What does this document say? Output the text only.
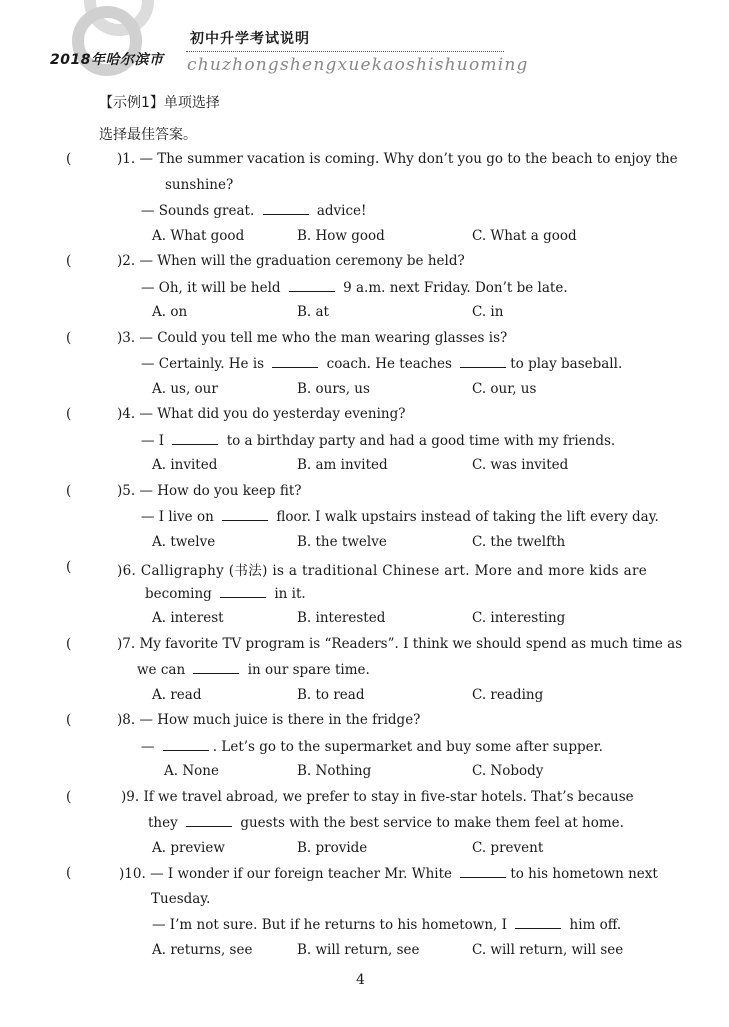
2018年哈尔滨市
初中升学考试说明
chuzhongshengxuekaoshishuoming
【示例1】单项选择
选择最佳答案。
(	)1. — The summer vacation is coming. Why don’t you go to the beach to enjoy the
sunshine?
— Sounds great.	advice!
A. What good	B. How good	C. What a good
(	)2. — When will the graduation ceremony be held?
— Oh, it will be held	9 a.m. next Friday. Don’t be late.
A. on	B. at	C. in
(	)3. — Could you tell me who the man wearing glasses is?
— Certainly. He is	coach. He teaches	to play baseball.
A. us, our	B. ours, us	C. our, us
(	)4. — What did you do yesterday evening?
— I	to a birthday party and had a good time with my friends.
A. invited	B. am invited	C. was invited
(	)5. — How do you keep fit?
— I live on	floor. I walk upstairs instead of taking the lift every day.
A. twelve	B. the twelve	C. the twelfth
(	)6. Calligraphy (书法) is a traditional Chinese art. More and more kids are
becoming	in it.
A. interest	B. interested	C. interesting
(	)7. My favorite TV program is “Readers”. I think we should spend as much time as
we can	in our spare time.
A. read	B. to read	C. reading
(	)8. — How much juice is there in the fridge?
—	. Let’s go to the supermarket and buy some after supper.
A. None	B. Nothing	C. Nobody
(	)9. If we travel abroad, we prefer to stay in five-star hotels. That’s because
they	guests with the best service to make them feel at home.
A. preview	B. provide	C. prevent
(	)10. — I wonder if our foreign teacher Mr. White	to his hometown next
Tuesday.
— I’m not sure. But if he returns to his hometown, I	him off.
A. returns, see	B. will return, see	C. will return, will see
4
